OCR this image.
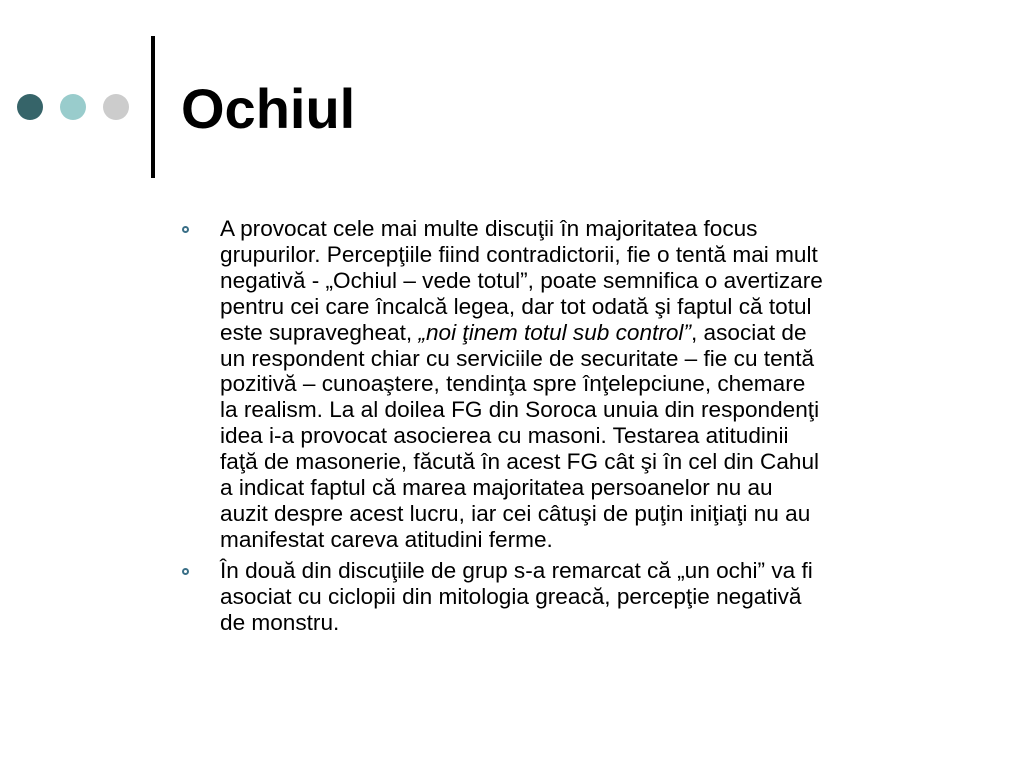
Ochiul
A provocat cele mai multe discuţii în majoritatea focus
grupurilor. Percepţiile fiind contradictorii, fie o tentă mai mult
negativă - „Ochiul – vede totul”, poate semnifica o avertizare
pentru cei care încalcă legea, dar tot odată şi faptul că totul
este supravegheat, „noi ţinem totul sub control”, asociat de
un respondent chiar cu serviciile de securitate – fie cu tentă
pozitivă – cunoaştere, tendinţa spre înţelepciune, chemare
la realism. La al doilea FG din Soroca unuia din respondenţi
idea i-a provocat asocierea cu masoni. Testarea atitudinii
faţă de masonerie, făcută în acest FG cât şi în cel din Cahul
a indicat faptul că marea majoritatea persoanelor nu au
auzit despre acest lucru, iar cei câtuşi de puţin iniţiaţi nu au
manifestat careva atitudini ferme.
În două din discuţiile de grup s-a remarcat că „un ochi” va fi
asociat cu ciclopii din mitologia greacă, percepţie negativă
de monstru.
